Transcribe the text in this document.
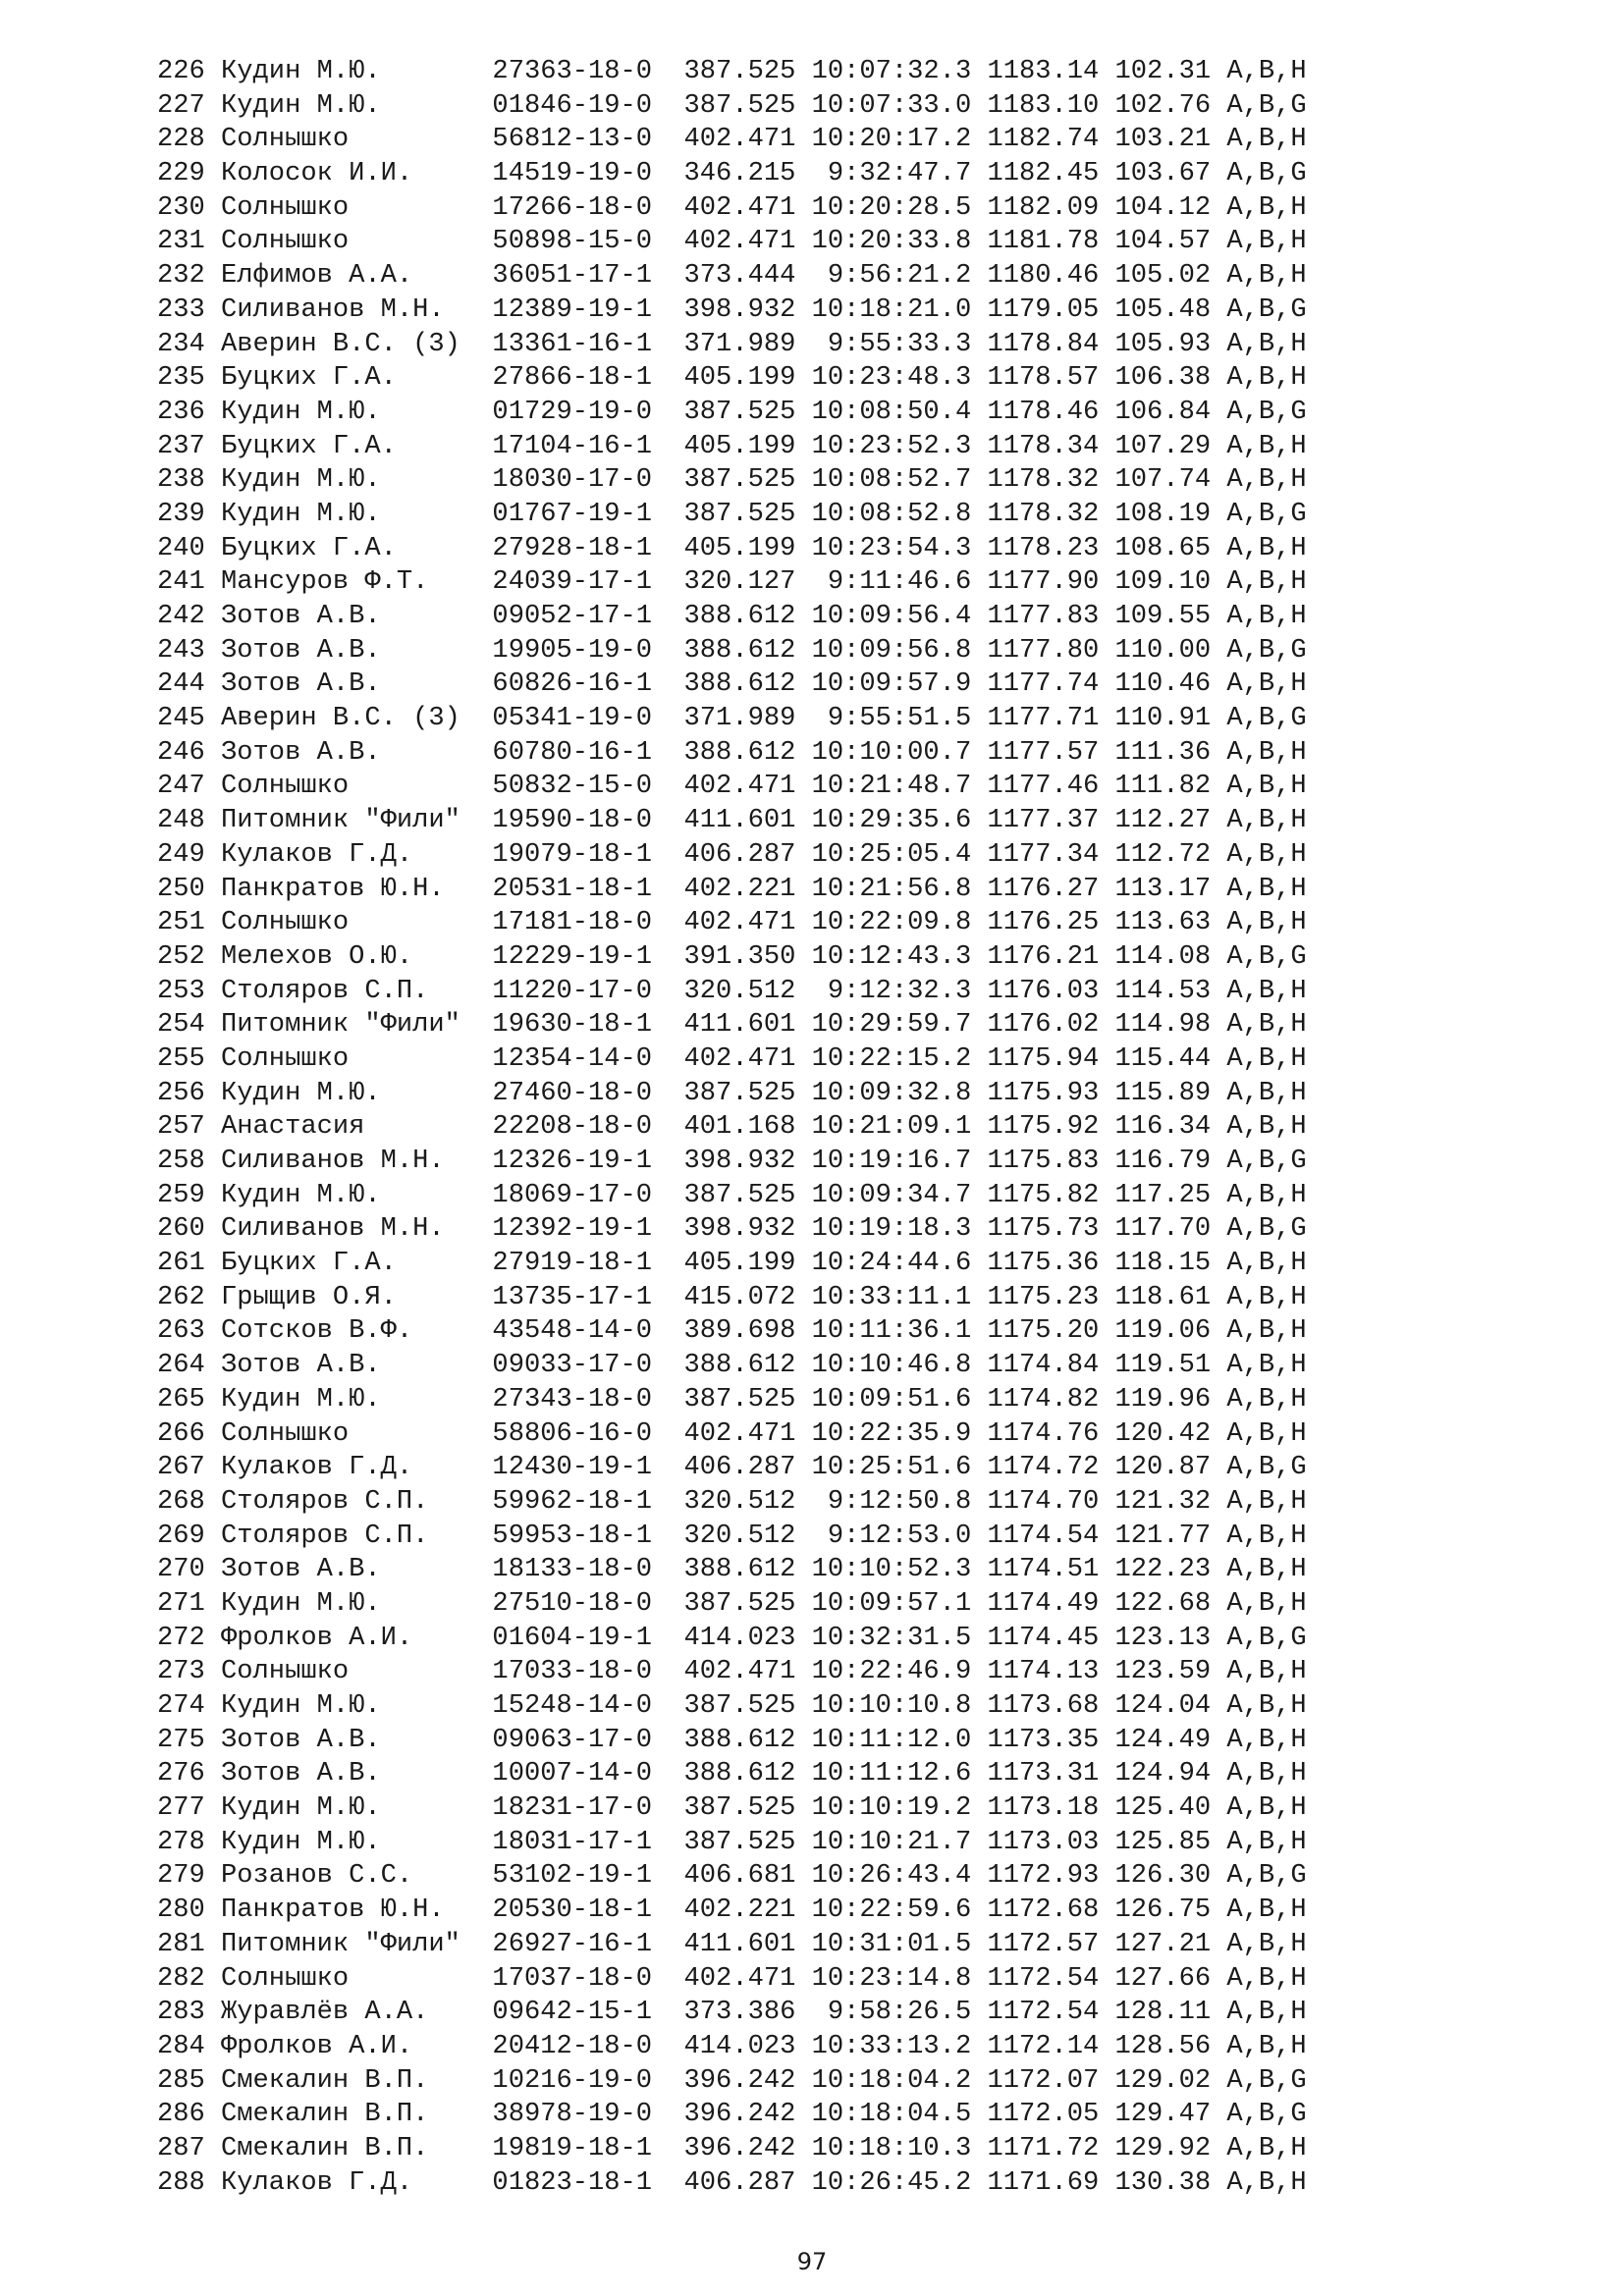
226 Кудин М.Ю.       27363-18-0  387.525 10:07:32.3 1183.14 102.31 A,B,H
227 Кудин М.Ю.       01846-19-0  387.525 10:07:33.0 1183.10 102.76 A,B,G
228 Солнышко         56812-13-0  402.471 10:20:17.2 1182.74 103.21 A,B,H
229 Колосок И.И.     14519-19-0  346.215  9:32:47.7 1182.45 103.67 A,B,G
230 Солнышко         17266-18-0  402.471 10:20:28.5 1182.09 104.12 A,B,H
231 Солнышко         50898-15-0  402.471 10:20:33.8 1181.78 104.57 A,B,H
232 Елфимов А.А.     36051-17-1  373.444  9:56:21.2 1180.46 105.02 A,B,H
233 Силиванов М.Н.   12389-19-1  398.932 10:18:21.0 1179.05 105.48 A,B,G
234 Аверин В.С. (3)  13361-16-1  371.989  9:55:33.3 1178.84 105.93 A,B,H
235 Буцких Г.А.      27866-18-1  405.199 10:23:48.3 1178.57 106.38 A,B,H
236 Кудин М.Ю.       01729-19-0  387.525 10:08:50.4 1178.46 106.84 A,B,G
237 Буцких Г.А.      17104-16-1  405.199 10:23:52.3 1178.34 107.29 A,B,H
238 Кудин М.Ю.       18030-17-0  387.525 10:08:52.7 1178.32 107.74 A,B,H
239 Кудин М.Ю.       01767-19-1  387.525 10:08:52.8 1178.32 108.19 A,B,G
240 Буцких Г.А.      27928-18-1  405.199 10:23:54.3 1178.23 108.65 A,B,H
241 Мансуров Ф.Т.    24039-17-1  320.127  9:11:46.6 1177.90 109.10 A,B,H
242 Зотов А.В.       09052-17-1  388.612 10:09:56.4 1177.83 109.55 A,B,H
243 Зотов А.В.       19905-19-0  388.612 10:09:56.8 1177.80 110.00 A,B,G
244 Зотов А.В.       60826-16-1  388.612 10:09:57.9 1177.74 110.46 A,B,H
245 Аверин В.С. (3)  05341-19-0  371.989  9:55:51.5 1177.71 110.91 A,B,G
246 Зотов А.В.       60780-16-1  388.612 10:10:00.7 1177.57 111.36 A,B,H
247 Солнышко         50832-15-0  402.471 10:21:48.7 1177.46 111.82 A,B,H
248 Питомник "Фили"  19590-18-0  411.601 10:29:35.6 1177.37 112.27 A,B,H
249 Кулаков Г.Д.     19079-18-1  406.287 10:25:05.4 1177.34 112.72 A,B,H
250 Панкратов Ю.Н.   20531-18-1  402.221 10:21:56.8 1176.27 113.17 A,B,H
251 Солнышко         17181-18-0  402.471 10:22:09.8 1176.25 113.63 A,B,H
252 Мелехов О.Ю.     12229-19-1  391.350 10:12:43.3 1176.21 114.08 A,B,G
253 Столяров С.П.    11220-17-0  320.512  9:12:32.3 1176.03 114.53 A,B,H
254 Питомник "Фили"  19630-18-1  411.601 10:29:59.7 1176.02 114.98 A,B,H
255 Солнышко         12354-14-0  402.471 10:22:15.2 1175.94 115.44 A,B,H
256 Кудин М.Ю.       27460-18-0  387.525 10:09:32.8 1175.93 115.89 A,B,H
257 Анастасия        22208-18-0  401.168 10:21:09.1 1175.92 116.34 A,B,H
258 Силиванов М.Н.   12326-19-1  398.932 10:19:16.7 1175.83 116.79 A,B,G
259 Кудин М.Ю.       18069-17-0  387.525 10:09:34.7 1175.82 117.25 A,B,H
260 Силиванов М.Н.   12392-19-1  398.932 10:19:18.3 1175.73 117.70 A,B,G
261 Буцких Г.А.      27919-18-1  405.199 10:24:44.6 1175.36 118.15 A,B,H
262 Грыщив О.Я.      13735-17-1  415.072 10:33:11.1 1175.23 118.61 A,B,H
263 Сотсков В.Ф.     43548-14-0  389.698 10:11:36.1 1175.20 119.06 A,B,H
264 Зотов А.В.       09033-17-0  388.612 10:10:46.8 1174.84 119.51 A,B,H
265 Кудин М.Ю.       27343-18-0  387.525 10:09:51.6 1174.82 119.96 A,B,H
266 Солнышко         58806-16-0  402.471 10:22:35.9 1174.76 120.42 A,B,H
267 Кулаков Г.Д.     12430-19-1  406.287 10:25:51.6 1174.72 120.87 A,B,G
268 Столяров С.П.    59962-18-1  320.512  9:12:50.8 1174.70 121.32 A,B,H
269 Столяров С.П.    59953-18-1  320.512  9:12:53.0 1174.54 121.77 A,B,H
270 Зотов А.В.       18133-18-0  388.612 10:10:52.3 1174.51 122.23 A,B,H
271 Кудин М.Ю.       27510-18-0  387.525 10:09:57.1 1174.49 122.68 A,B,H
272 Фролков А.И.     01604-19-1  414.023 10:32:31.5 1174.45 123.13 A,B,G
273 Солнышко         17033-18-0  402.471 10:22:46.9 1174.13 123.59 A,B,H
274 Кудин М.Ю.       15248-14-0  387.525 10:10:10.8 1173.68 124.04 A,B,H
275 Зотов А.В.       09063-17-0  388.612 10:11:12.0 1173.35 124.49 A,B,H
276 Зотов А.В.       10007-14-0  388.612 10:11:12.6 1173.31 124.94 A,B,H
277 Кудин М.Ю.       18231-17-0  387.525 10:10:19.2 1173.18 125.40 A,B,H
278 Кудин М.Ю.       18031-17-1  387.525 10:10:21.7 1173.03 125.85 A,B,H
279 Розанов С.С.     53102-19-1  406.681 10:26:43.4 1172.93 126.30 A,B,G
280 Панкратов Ю.Н.   20530-18-1  402.221 10:22:59.6 1172.68 126.75 A,B,H
281 Питомник "Фили"  26927-16-1  411.601 10:31:01.5 1172.57 127.21 A,B,H
282 Солнышко         17037-18-0  402.471 10:23:14.8 1172.54 127.66 A,B,H
283 Журавлёв А.А.    09642-15-1  373.386  9:58:26.5 1172.54 128.11 A,B,H
284 Фролков А.И.     20412-18-0  414.023 10:33:13.2 1172.14 128.56 A,B,H
285 Смекалин В.П.    10216-19-0  396.242 10:18:04.2 1172.07 129.02 A,B,G
286 Смекалин В.П.    38978-19-0  396.242 10:18:04.5 1172.05 129.47 A,B,G
287 Смекалин В.П.    19819-18-1  396.242 10:18:10.3 1171.72 129.92 A,B,H
288 Кулаков Г.Д.     01823-18-1  406.287 10:26:45.2 1171.69 130.38 A,B,H
97
